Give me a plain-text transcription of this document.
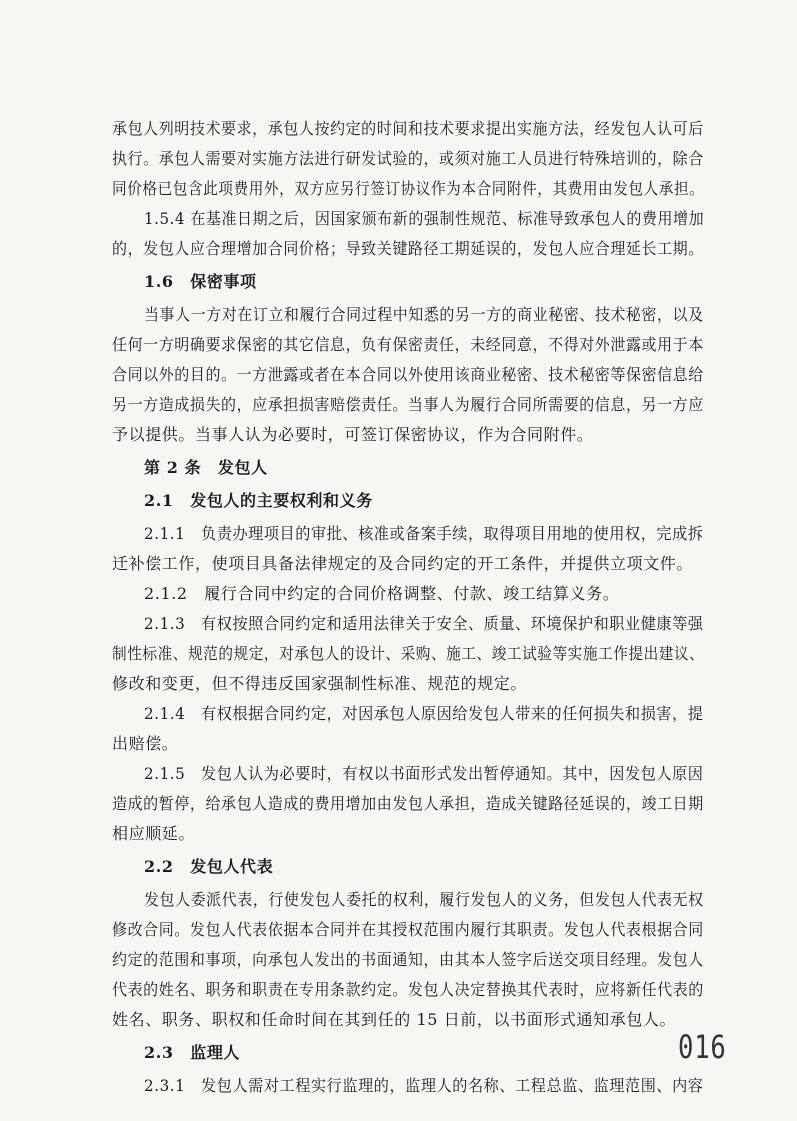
承包人列明技术要求，承包人按约定的时间和技术要求提出实施方法，经发包人认可后
执行。承包人需要对实施方法进行研发试验的，或须对施工人员进行特殊培训的，除合
同价格已包含此项费用外，双方应另行签订协议作为本合同附件，其费用由发包人承担。
1.5.4 在基准日期之后，因国家颁布新的强制性规范、标准导致承包人的费用增加
的，发包人应合理增加合同价格；导致关键路径工期延误的，发包人应合理延长工期。
1.6　保密事项
当事人一方对在订立和履行合同过程中知悉的另一方的商业秘密、技术秘密，以及
任何一方明确要求保密的其它信息，负有保密责任，未经同意，不得对外泄露或用于本
合同以外的目的。一方泄露或者在本合同以外使用该商业秘密、技术秘密等保密信息给
另一方造成损失的，应承担损害赔偿责任。当事人为履行合同所需要的信息，另一方应
予以提供。当事人认为必要时，可签订保密协议，作为合同附件。
第 2 条　发包人
2.1　发包人的主要权利和义务
2.1.1　负责办理项目的审批、核准或备案手续，取得项目用地的使用权，完成拆
迁补偿工作，使项目具备法律规定的及合同约定的开工条件，并提供立项文件。
2.1.2　履行合同中约定的合同价格调整、付款、竣工结算义务。
2.1.3　有权按照合同约定和适用法律关于安全、质量、环境保护和职业健康等强
制性标准、规范的规定，对承包人的设计、采购、施工、竣工试验等实施工作提出建议、
修改和变更，但不得违反国家强制性标准、规范的规定。
2.1.4　有权根据合同约定，对因承包人原因给发包人带来的任何损失和损害，提
出赔偿。
2.1.5　发包人认为必要时，有权以书面形式发出暂停通知。其中，因发包人原因
造成的暂停，给承包人造成的费用增加由发包人承担，造成关键路径延误的，竣工日期
相应顺延。
2.2　发包人代表
发包人委派代表，行使发包人委托的权利，履行发包人的义务，但发包人代表无权
修改合同。发包人代表依据本合同并在其授权范围内履行其职责。发包人代表根据合同
约定的范围和事项，向承包人发出的书面通知，由其本人签字后送交项目经理。发包人
代表的姓名、职务和职责在专用条款约定。发包人决定替换其代表时，应将新任代表的
姓名、职务、职权和任命时间在其到任的 15 日前，以书面形式通知承包人。
2.3　监理人
2.3.1　发包人需对工程实行监理的，监理人的名称、工程总监、监理范围、内容
016
